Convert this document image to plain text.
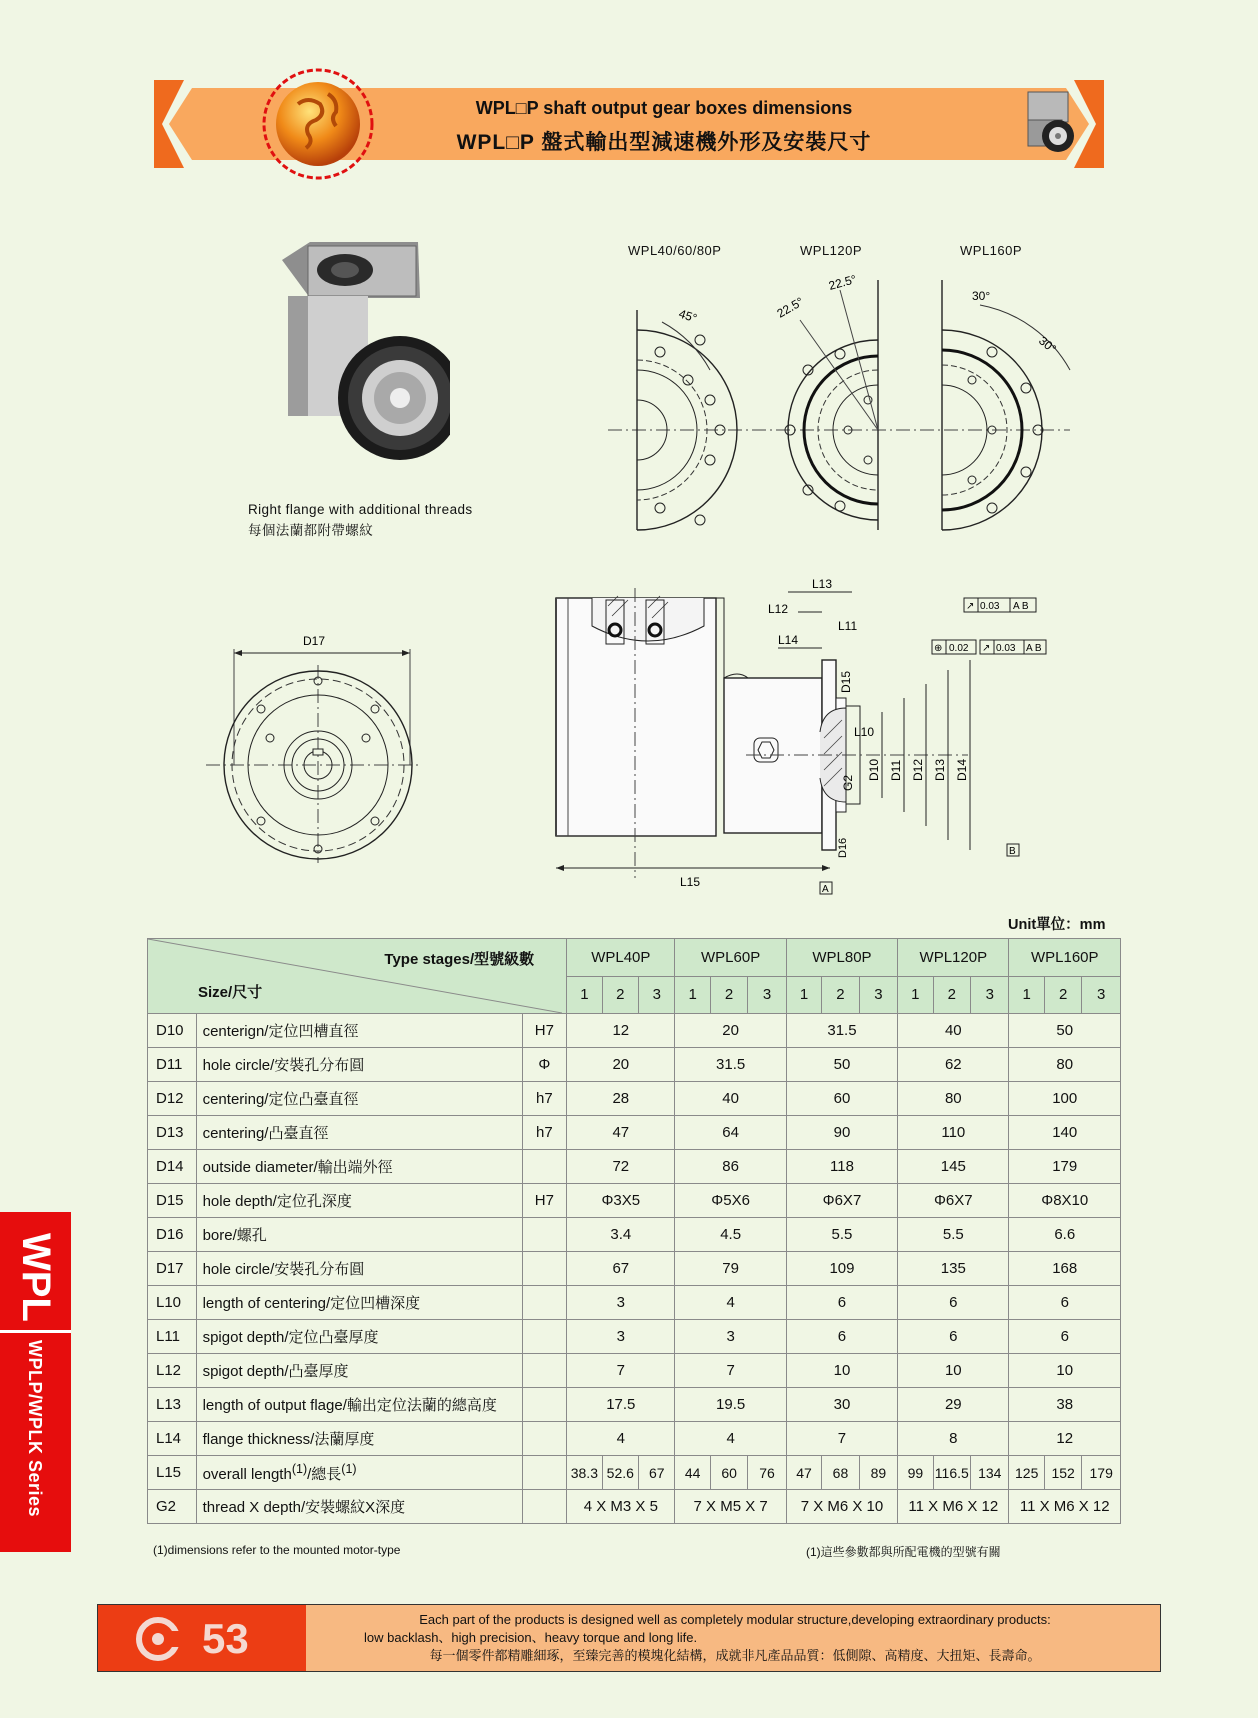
WPL□P shaft output gear boxes dimensions
WPL□P 盤式輸出型減速機外形及安裝尺寸
Right flange with additional threads
每個法蘭都附帶螺紋
WPL40/60/80P	WPL120P	WPL160P
45°	22.5°
22.5°
30°
30°
D17
L15
L13
L12
L11
L14
L10
D15
G2
D10 D11 D12 D13 D14
D16
A
B
↗ 0.03 A B
⊕ 0.02 ↗ 0.03 A B
Unit單位：mm
Type stages/型號級數
Size/尺寸			WPL40P			WPL60P			WPL80P			WPL120P			WPL160P		
			1	2	3	1	2	3	1	2	3	1	2	3	1	2	3
D10	centerign/定位凹槽直徑	H7	12			20			31.5			40			50		
D11	hole circle/安裝孔分布圓	Φ	20			31.5			50			62			80		
D12	centering/定位凸臺直徑	h7	28			40			60			80			100		
D13	centering/凸臺直徑	h7	47			64			90			110			140		
D14	outside diameter/輸出端外徑		72			86			118			145			179		
D15	hole depth/定位孔深度	H7	Φ3X5			Φ5X6			Φ6X7			Φ6X7			Φ8X10		
D16	bore/螺孔		3.4			4.5			5.5			5.5			6.6		
D17	hole circle/安裝孔分布圓		67			79			109			135			168		
L10	length of centering/定位凹槽深度		3			4			6			6			6		
L11	spigot depth/定位凸臺厚度		3			3			6			6			6		
L12	spigot depth/凸臺厚度		7			7			10			10			10		
L13	length of output flage/輸出定位法蘭的總高度		17.5			19.5			30			29			38		
L14	flange thickness/法蘭厚度		4			4			7			8			12		
L15	overall length$^{(1)}$/總長$^{(1)}$		38.3	52.6	67	44	60	76	47	68	89	99	116.5	134	125	152	179
G2	thread X depth/安裝螺紋X深度		4 X M3 X 5			7 X M5 X 7			7 X M6 X 10			11 X M6 X 12			11 X M6 X 12		
(1)dimensions refer to the mounted motor-type	(1)這些參數都與所配電機的型號有關
WPL
WPLP/WPLK Series
53	Each part of the products is designed well as completely modular structure,developing extraordinary products:
low backlash、high precision、heavy torque and long life.
每一個零件都精雕細琢，至臻完善的模塊化結構，成就非凡產品品質：低側隙、高精度、大扭矩、長壽命。
